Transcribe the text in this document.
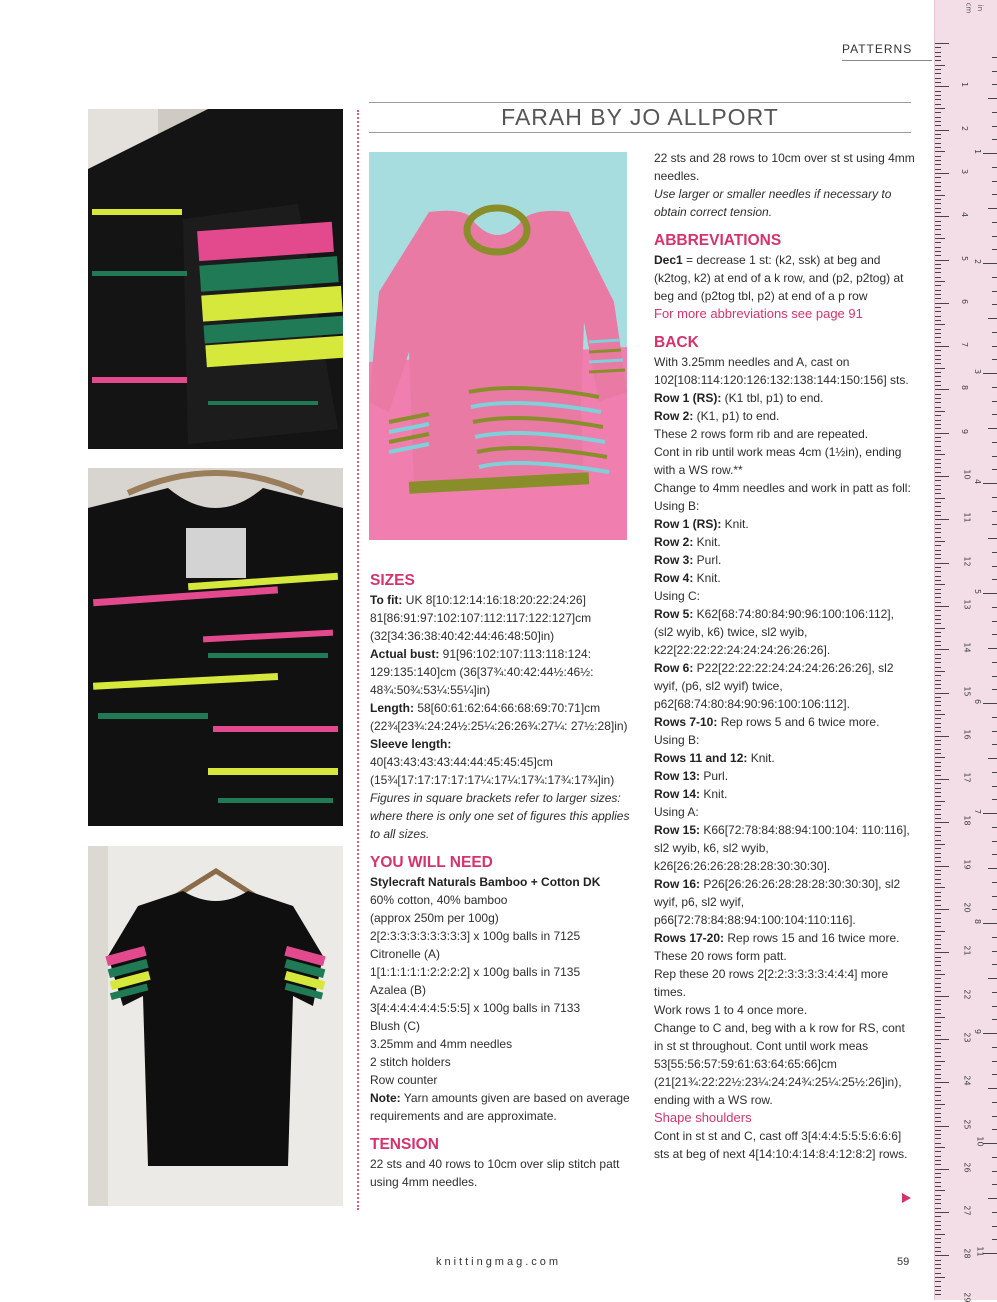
PATTERNS
cm in
1
2
3
4
5
6
7
8
9
10
11
12
13
14
15
16
17
18
19
20
21
22
23
24
25
26
27
28
29
1
2
3
4
5
6
7
8
9
10
11
FARAH BY JO ALLPORT

SIZES

To fit: UK 8[10:12:14:16:18:20:22:24:26] 81[86:91:97:102:107:112:117:122:127]cm (32[34:36:38:40:42:44:46:48:50]in)

Actual bust: 91[96:102:107:113:118:124: 129:135:140]cm (36[37¾:40:42:44½:46½: 48¾:50¾:53¼:55¼]in)

Length: 58[60:61:62:64:66:68:69:70:71]cm (22¾[23¾:24:24½:25¼:26:26¾:27¼: 27½:28]in)

Sleeve length:

40[43:43:43:43:44:44:45:45:45]cm (15¾[17:17:17:17:17¼:17¼:17¾:17¾:17¾]in)

Figures in square brackets refer to larger sizes: where there is only one set of figures this applies to all sizes.

YOU WILL NEED

Stylecraft Naturals Bamboo + Cotton DK

60% cotton, 40% bamboo

(approx 250m per 100g)

2[2:3:3:3:3:3:3:3:3] x 100g balls in 7125

Citronelle (A)

1[1:1:1:1:1:2:2:2:2] x 100g balls in 7135

Azalea (B)

3[4:4:4:4:4:4:5:5:5] x 100g balls in 7133

Blush (C)

3.25mm and 4mm needles

2 stitch holders

Row counter

Note: Yarn amounts given are based on average requirements and are approximate.

TENSION

22 sts and 40 rows to 10cm over slip stitch patt using 4mm needles.

22 sts and 28 rows to 10cm over st st using 4mm needles.

Use larger or smaller needles if necessary to obtain correct tension.

ABBREVIATIONS

Dec1 = decrease 1 st: (k2, ssk) at beg and (k2tog, k2) at end of a k row, and (p2, p2tog) at beg and (p2tog tbl, p2) at end of a p row

For more abbreviations see page 91

BACK

With 3.25mm needles and A, cast on 102[108:114:120:126:132:138:144:150:156] sts.

Row 1 (RS): (K1 tbl, p1) to end.

Row 2: (K1, p1) to end.

These 2 rows form rib and are repeated.

Cont in rib until work meas 4cm (1½in), ending with a WS row.**

Change to 4mm needles and work in patt as foll:

Using B:

Row 1 (RS): Knit.

Row 2: Knit.

Row 3: Purl.

Row 4: Knit.

Using C:

Row 5: K62[68:74:80:84:90:96:100:106:112], (sl2 wyib, k6) twice, sl2 wyib, k22[22:22:22:24:24:24:26:26:26].

Row 6: P22[22:22:22:24:24:24:26:26:26], sl2 wyif, (p6, sl2 wyif) twice, p62[68:74:80:84:90:96:100:106:112].

Rows 7-10: Rep rows 5 and 6 twice more.

Using B:

Rows 11 and 12: Knit.

Row 13: Purl.

Row 14: Knit.

Using A:

Row 15: K66[72:78:84:88:94:100:104: 110:116], sl2 wyib, k6, sl2 wyib, k26[26:26:26:28:28:28:30:30:30].

Row 16: P26[26:26:26:28:28:28:30:30:30], sl2 wyif, p6, sl2 wyif, p66[72:78:84:88:94:100:104:110:116].

Rows 17-20: Rep rows 15 and 16 twice more.

These 20 rows form patt.

Rep these 20 rows 2[2:2:3:3:3:3:4:4:4] more times.

Work rows 1 to 4 once more.

Change to C and, beg with a k row for RS, cont in st st throughout. Cont until work meas 53[55:56:57:59:61:63:64:65:66]cm (21[21¾:22:22½:23¼:24:24¾:25¼:25½:26]in), ending with a WS row.

Shape shoulders

Cont in st st and C, cast off 3[4:4:4:5:5:5:6:6:6] sts at beg of next 4[14:10:4:14:8:4:12:8:2] rows.

knittingmag.com	59
